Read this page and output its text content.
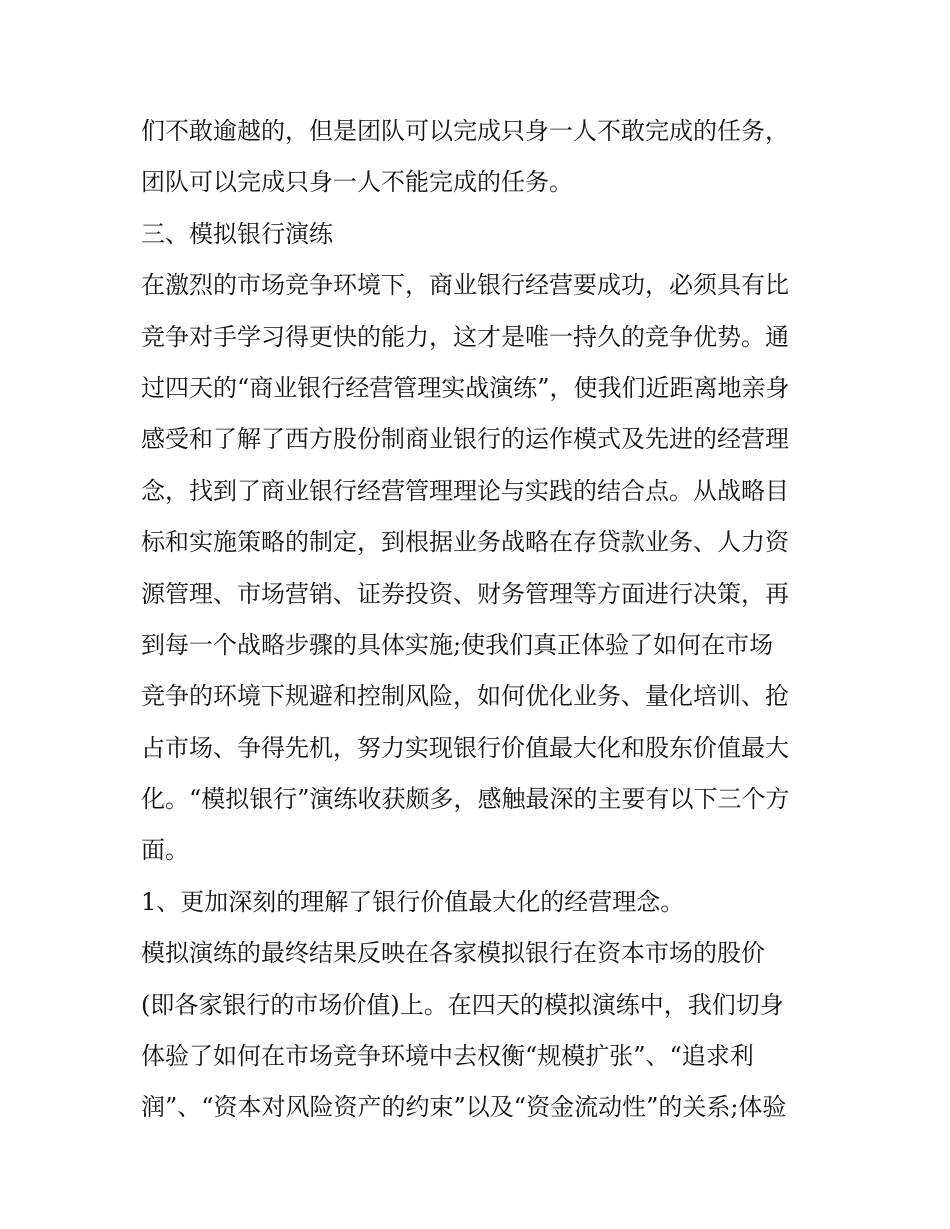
们不敢逾越的，但是团队可以完成只身一人不敢完成的任务，

团队可以完成只身一人不能完成的任务。

三、模拟银行演练

在激烈的市场竞争环境下，商业银行经营要成功，必须具有比

竞争对手学习得更快的能力，这才是唯一持久的竞争优势。通

过四天的“商业银行经营管理实战演练”，使我们近距离地亲身

感受和了解了西方股份制商业银行的运作模式及先进的经营理

念，找到了商业银行经营管理理论与实践的结合点。从战略目

标和实施策略的制定，到根据业务战略在存贷款业务、人力资

源管理、市场营销、证券投资、财务管理等方面进行决策，再

到每一个战略步骤的具体实施;使我们真正体验了如何在市场

竞争的环境下规避和控制风险，如何优化业务、量化培训、抢

占市场、争得先机，努力实现银行价值最大化和股东价值最大

化。“模拟银行”演练收获颇多，感触最深的主要有以下三个方

面。

1、更加深刻的理解了银行价值最大化的经营理念。

模拟演练的最终结果反映在各家模拟银行在资本市场的股价

(即各家银行的市场价值)上。在四天的模拟演练中，我们切身

体验了如何在市场竞争环境中去权衡“规模扩张”、“追求利

润”、“资本对风险资产的约束”以及“资金流动性”的关系;体验
